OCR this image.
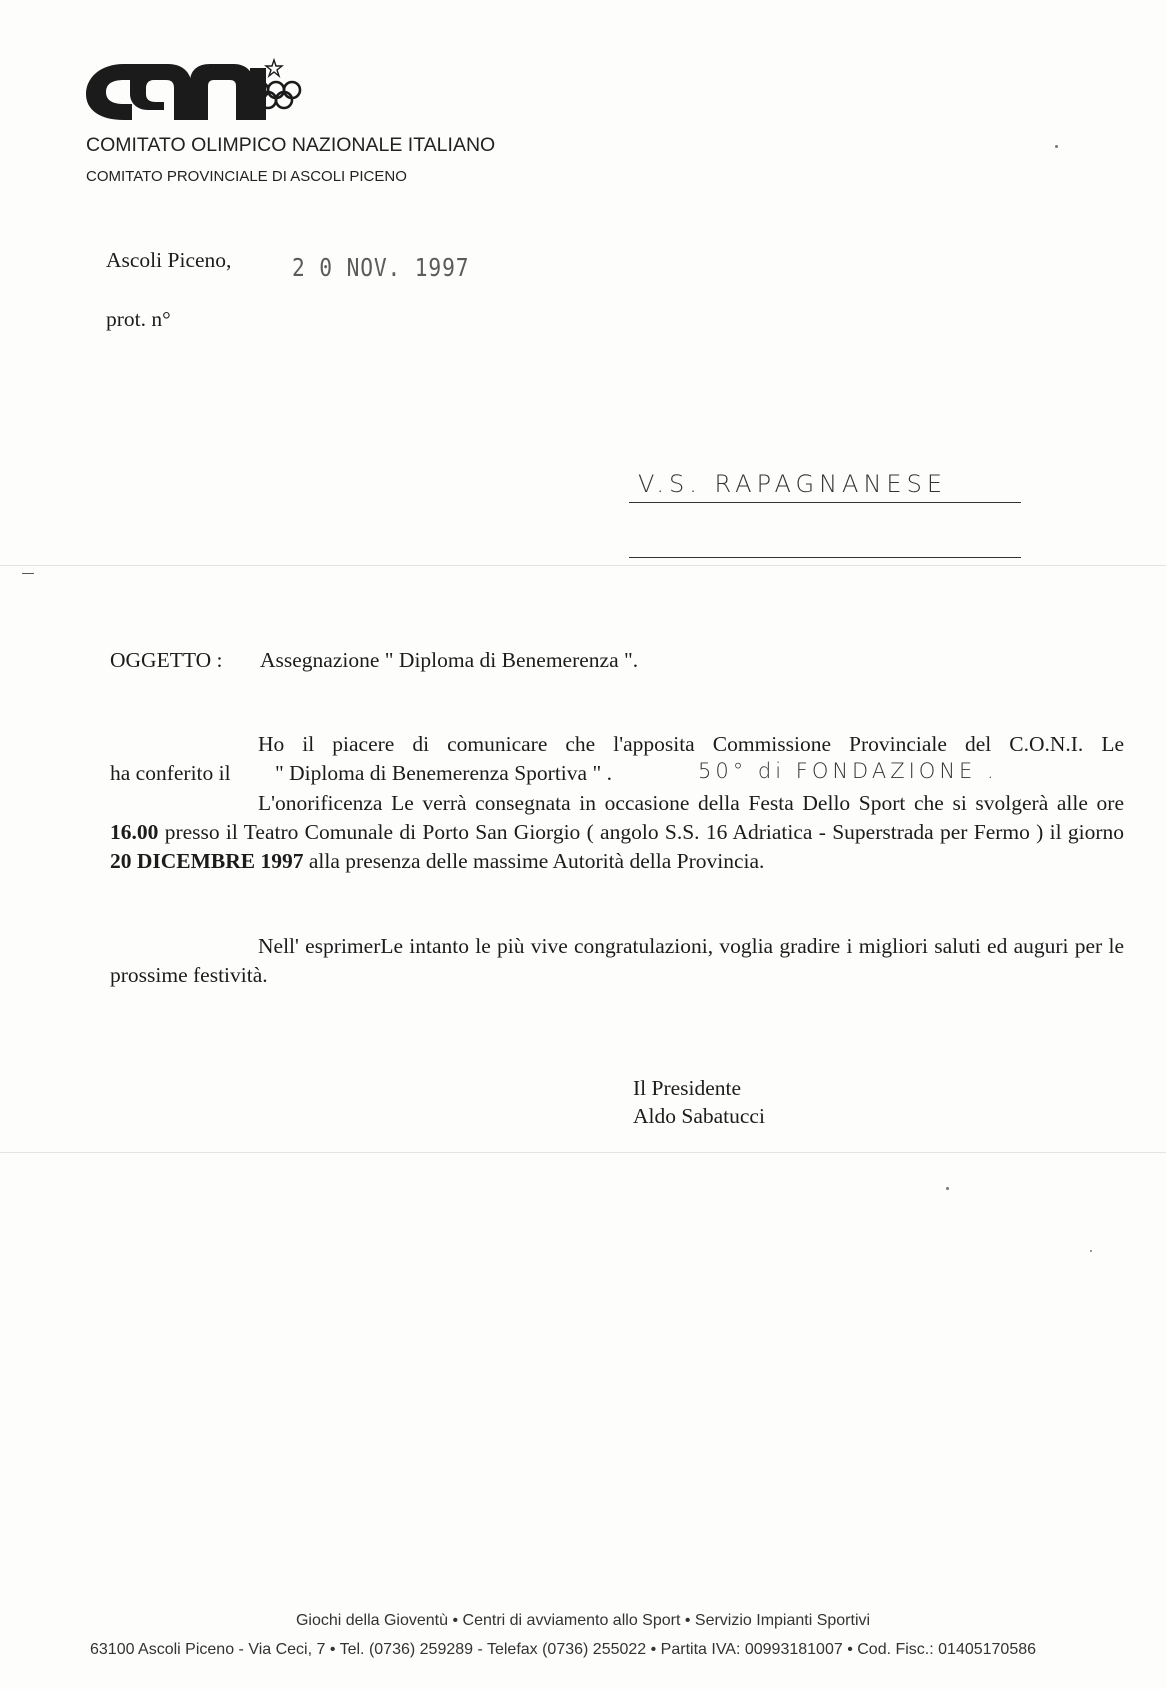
COMITATO OLIMPICO NAZIONALE ITALIANO
COMITATO PROVINCIALE DI ASCOLI PICENO
Ascoli Piceno, 2 0 NOV. 1997
prot. n°
V.S. RAPAGNANESE
OGGETTO : Assegnazione " Diploma di Benemerenza ".
Ho il piacere di comunicare che l'apposita Commissione Provinciale del C.O.N.I. Le
ha conferito il " Diploma di Benemerenza Sportiva " .	50° di FONDAZIONE .
L'onorificenza Le verrà consegnata in occasione della Festa Dello Sport che si svolgerà alle ore 16.00 presso il Teatro Comunale di Porto San Giorgio ( angolo S.S. 16 Adriatica - Superstrada per Fermo ) il giorno 20 DICEMBRE 1997 alla presenza delle massime Autorità della Provincia.
Nell' esprimerLe intanto le più vive congratulazioni, voglia gradire i migliori saluti ed auguri per le prossime festività.
Il Presidente
Aldo Sabatucci
Giochi della Gioventù • Centri di avviamento allo Sport • Servizio Impianti Sportivi
63100 Ascoli Piceno - Via Ceci, 7 • Tel. (0736) 259289 - Telefax (0736) 255022 • Partita IVA: 00993181007 • Cod. Fisc.: 01405170586
